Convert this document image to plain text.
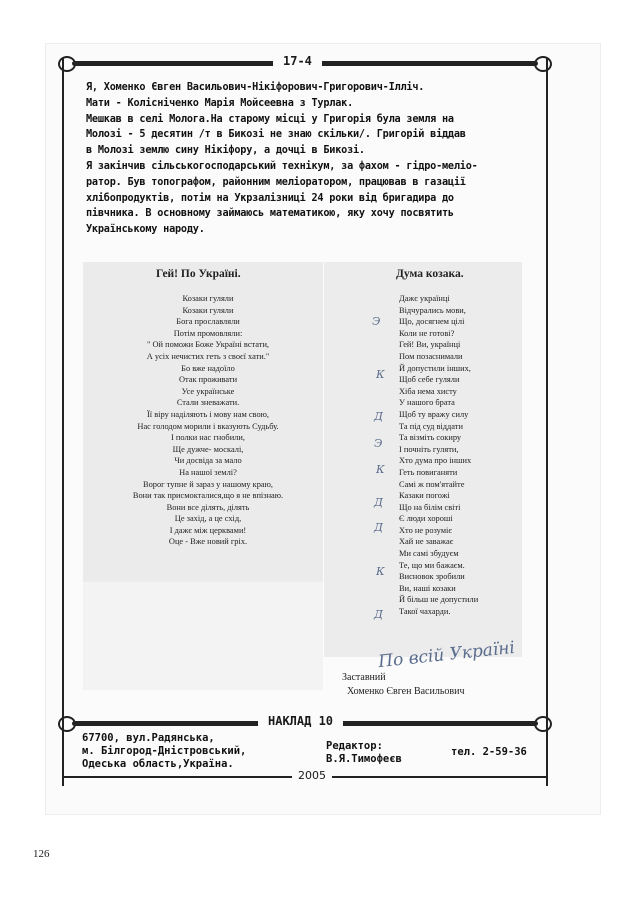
17-4
Я, Хоменко Євген Васильович-Нікіфорович-Григорович-Ілліч.
Мати - Колісніченко Марія Мойсеевна з Турлак.
Мешкав в селі Молога.На старому місці у Григорія була земля на
Молозі - 5 десятин /т в Бикозі не знаю скільки/. Григорій віддав
в Молозі землю сину Нікіфору, а дочці в Бикозі.
Я закінчив сільськогосподарський технікум, за фахом - гідро-меліо-
ратор. Був топографом, районним меліоратором, працював в газації
хлібопродуктів, потім на Укрзалізниці 24 роки від бригадира до
півчника. В основному займаюсь математикою, яку хочу посвятить
Українському народу.
Гей! По Україні.
Козаки гуляли
Козаки гуляли
Бога прославляли
Потім промовляли:
" Ой поможи Боже Україні встати,
А усіх нечистих геть з своєї хати."
Бо вже надоїло
Отак проживати
Усе українське
Стали зневажати.
Її віру наділяють і мову нам свою,
Нас голодом морили і вказують Судьбу.
І полки нас гнобили,
Ще дужче- москалі,
Чи досвіда за мало
На нашої землі?
Ворог тупне й зараз у нашому краю,
Вони так присмокталися,що я не впізнаю.
Вони все ділять, ділять
Це захід, а це схід,
І дажє між церквами!
Оце - Вже новий гріх.
Дума козака.
Дажє українці
Відчурались мови,
Що, досягнем цілі
Коли не готові?
Гей! Ви, українці
Пом позаснимали
Й допустили інших,
Щоб себе гуляли
Хіба нема хисту
У нашого брата
Щоб ту вражу силу
Та під суд віддати
Та візміть сокиру
І почніть гуляти,
Хто дума про інших
Геть повиганяти
Самі ж пом'ятайте
Казаки погожі
Що на білім світі
Є люди хороші
Хто не розуміє
Хай не заважає
Ми самі збудуєм
Те, що ми бажаєм.
Висновок зробили
Ви, наші козаки
Й більш не допустили
Такої чахарди.
Э
К
Д
Э
К
Д
Д
К
Д
По всій Україні
Заставний
Хоменко Євген Васильович
НАКЛАД 10
67700, вул.Радянська,
м. Білгород-Дністровський,
Одеська область,Україна.
Редактор:
В.Я.Тимофеєв
тел. 2-59-36
2005
126
